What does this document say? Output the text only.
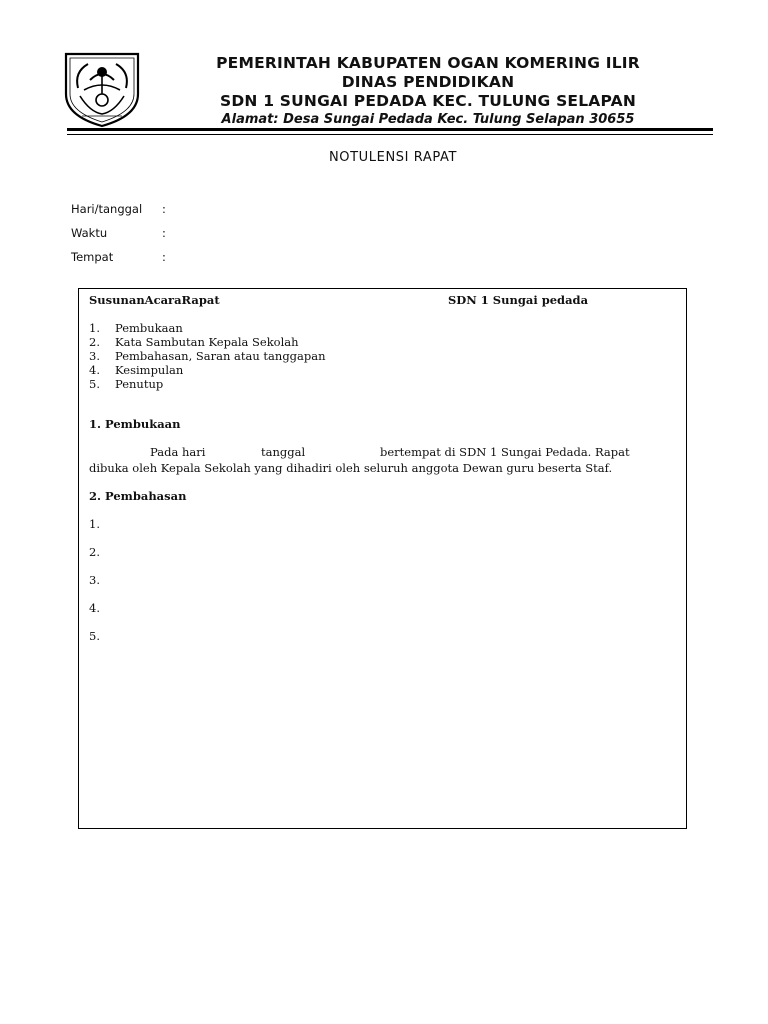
PEMERINTAH KABUPATEN OGAN KOMERING ILIR
DINAS PENDIDIKAN
SDN 1 SUNGAI PEDADA KEC. TULUNG SELAPAN
Alamat: Desa Sungai Pedada Kec. Tulung Selapan 30655
NOTULENSI RAPAT
Hari/tanggal :
Waktu	:
Tempat	:
SusunanAcaraRapat	SDN 1 Sungai pedada
1. Pembukaan
2. Kata Sambutan Kepala Sekolah
3. Pembahasan, Saran atau tanggapan
4. Kesimpulan
5. Penutup
1. Pembukaan
Pada hari	tanggal	bertempat di SDN 1 Sungai Pedada. Rapat
dibuka oleh Kepala Sekolah yang dihadiri oleh seluruh anggota Dewan guru beserta Staf.
2. Pembahasan
1.
2.
3.
4.
5.
